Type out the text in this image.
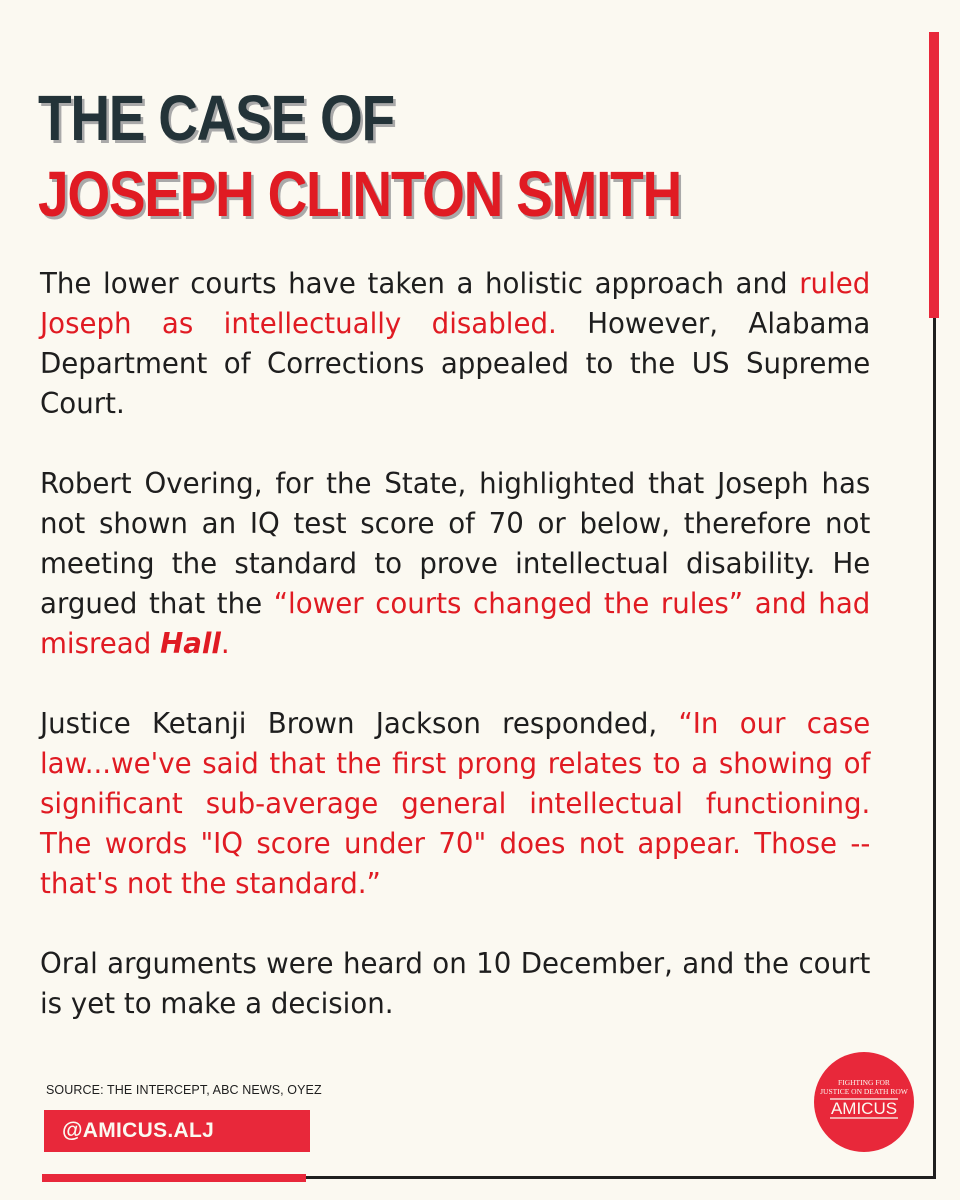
THE CASE OF
JOSEPH CLINTON SMITH

The lower courts have taken a holistic approach and ruled Joseph as intellectually disabled. However, Alabama Department of Corrections appealed to the US Supreme Court.

Robert Overing, for the State, highlighted that Joseph has not shown an IQ test score of 70 or below, therefore not meeting the standard to prove intellectual disability. He argued that the “lower courts changed the rules” and had misread Hall.

Justice Ketanji Brown Jackson responded, “In our case law...we've said that the first prong relates to a showing of significant sub-average general intellectual functioning. The words "IQ score under 70" does not appear. Those -- that's not the standard.”

Oral arguments were heard on 10 December, and the court is yet to make a decision.

SOURCE: THE INTERCEPT, ABC NEWS, OYEZ
@AMICUS.ALJ
FIGHTING FOR
JUSTICE ON DEATH ROW
AMICUS
